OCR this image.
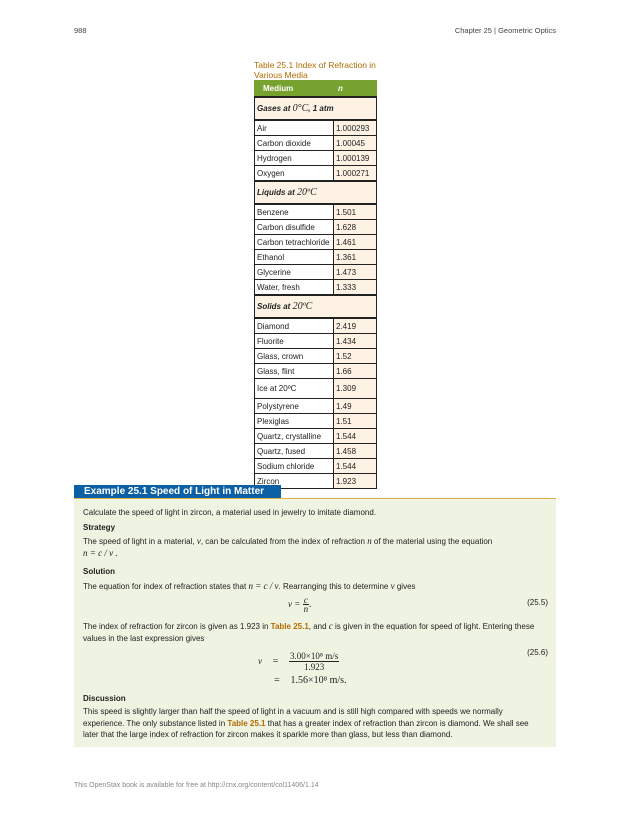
988	Chapter 25 | Geometric Optics
Table 25.1 Index of Refraction in Various Media
Medium	n
Gases at 0°C, 1 atm	
Air	1.000293
Carbon dioxide	1.00045
Hydrogen	1.000139
Oxygen	1.000271
Liquids at 20ºC	
Benzene	1.501
Carbon disulfide	1.628
Carbon tetrachloride	1.461
Ethanol	1.361
Glycerine	1.473
Water, fresh	1.333
Solids at 20ºC	
Diamond	2.419
Fluorite	1.434
Glass, crown	1.52
Glass, flint	1.66
Ice at 20ºC	1.309
Polystyrene	1.49
Plexiglas	1.51
Quartz, crystalline	1.544
Quartz, fused	1.458
Sodium chloride	1.544
Zircon	1.923
Example 25.1 Speed of Light in Matter
Calculate the speed of light in zircon, a material used in jewelry to imitate diamond.
Strategy
The speed of light in a material, v, can be calculated from the index of refraction n of the material using the equation
n = c / v .
Solution
The equation for index of refraction states that n = c / v. Rearranging this to determine v gives
$v = \frac{c}{n}$ .	(25.5)
The index of refraction for zircon is given as 1.923 in Table 25.1, and c is given in the equation for speed of light. Entering these values in the last expression gives
$v = \frac{\text{3.00×10⁸ m/s}}{1.923}$
= 1.56×10⁸ m/s.
(25.6)
Discussion
This speed is slightly larger than half the speed of light in a vacuum and is still high compared with speeds we normally experience. The only substance listed in Table 25.1 that has a greater index of refraction than zircon is diamond. We shall see later that the large index of refraction for zircon makes it sparkle more than glass, but less than diamond.
This OpenStax book is available for free at http://cnx.org/content/col11406/1.14
